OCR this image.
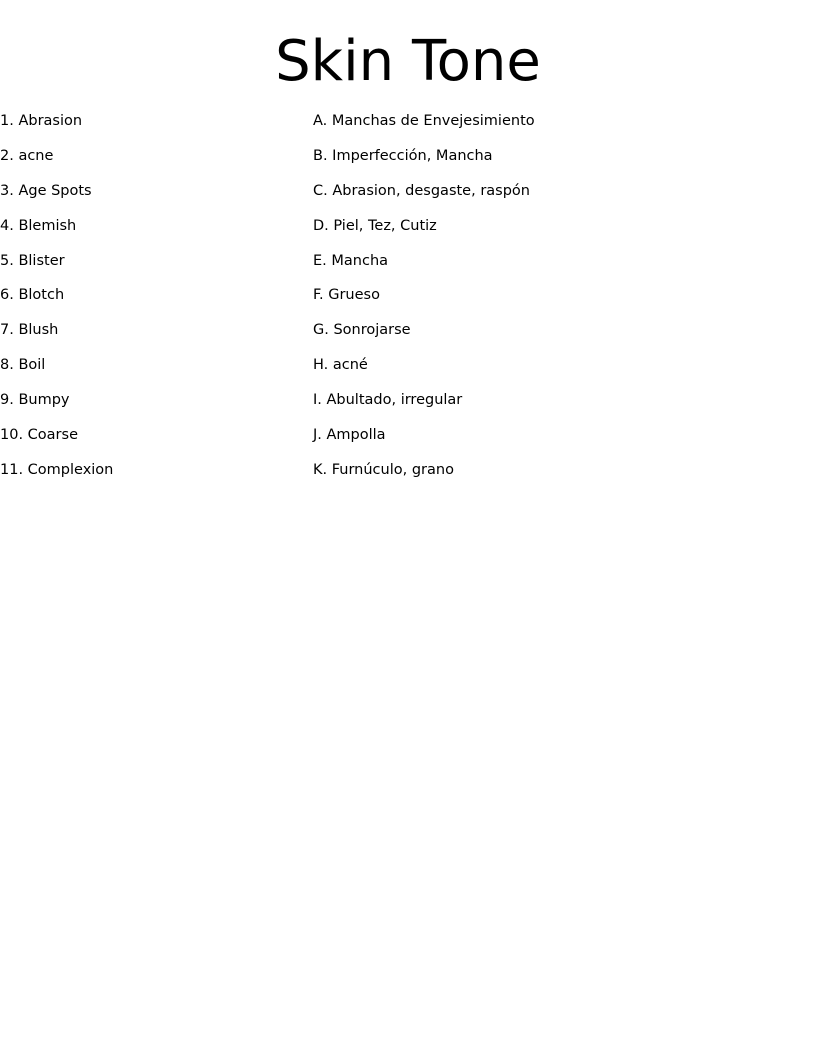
Skin Tone
1. Abrasion
2. acne
3. Age Spots
4. Blemish
5. Blister
6. Blotch
7. Blush
8. Boil
9. Bumpy
10. Coarse
11. Complexion
A. Manchas de Envejesimiento
B. Imperfección, Mancha
C. Abrasion, desgaste, raspón
D. Piel, Tez, Cutiz
E. Mancha
F. Grueso
G. Sonrojarse
H. acné
I. Abultado, irregular
J. Ampolla
K. Furnúculo, grano
